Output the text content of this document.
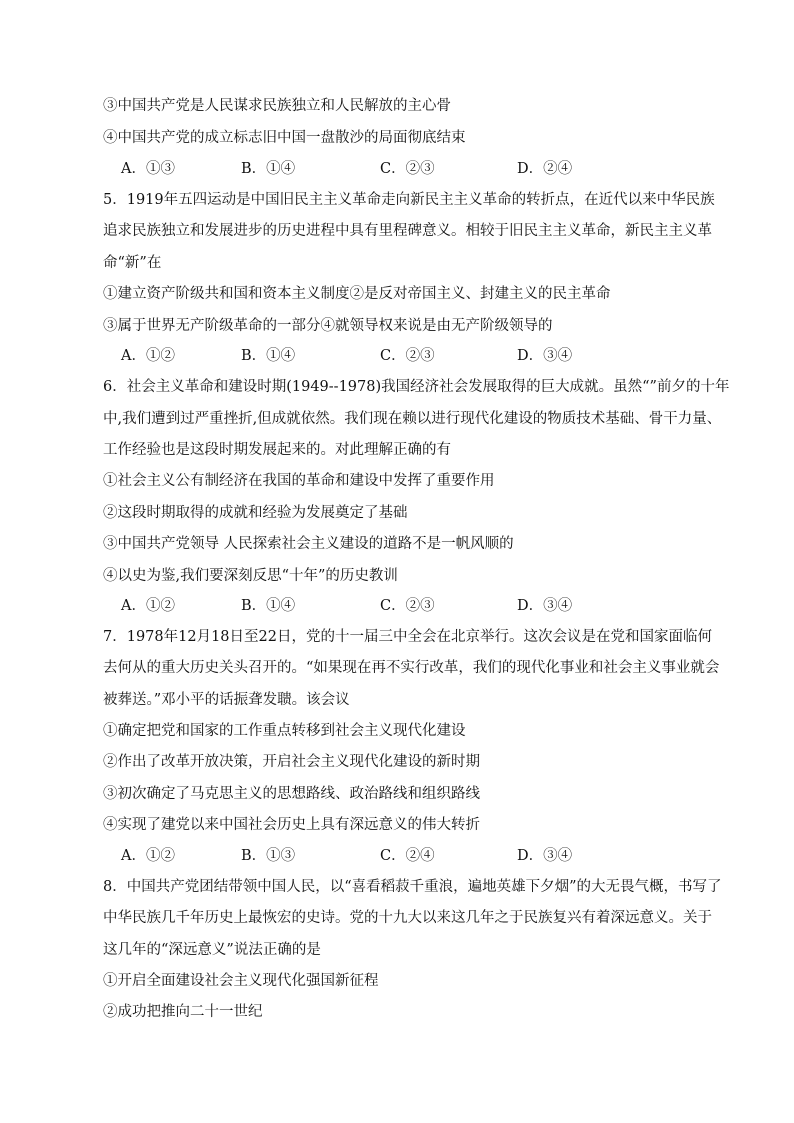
③中国共产党是人民谋求民族独立和人民解放的主心骨
④中国共产党的成立标志旧中国一盘散沙的局面彻底结束
A．①③	B．①④	C．②③	D．②④
5．1919年五四运动是中国旧民主主义革命走向新民主主义革命的转折点，在近代以来中华民族
追求民族独立和发展进步的历史进程中具有里程碑意义。相较于旧民主主义革命，新民主主义革
命“新”在
①建立资产阶级共和国和资本主义制度②是反对帝国主义、封建主义的民主革命
③属于世界无产阶级革命的一部分④就领导权来说是由无产阶级领导的
A．①②	B．①④	C．②③	D．③④
6．社会主义革命和建设时期(1949--1978)我国经济社会发展取得的巨大成就。虽然“”前夕的十年
中,我们遭到过严重挫折,但成就依然。我们现在赖以进行现代化建设的物质技术基础、骨干力量、
工作经验也是这段时期发展起来的。对此理解正确的有
①社会主义公有制经济在我国的革命和建设中发挥了重要作用
②这段时期取得的成就和经验为发展奠定了基础
③中国共产党领导 人民探索社会主义建设的道路不是一帆风顺的
④以史为鉴,我们要深刻反思“十年”的历史教训
A．①②	B．①④	C．②③	D．③④
7．1978年12月18日至22日，党的十一届三中全会在北京举行。这次会议是在党和国家面临何
去何从的重大历史关头召开的。“如果现在再不实行改革，我们的现代化事业和社会主义事业就会
被葬送。”邓小平的话振聋发聩。该会议
①确定把党和国家的工作重点转移到社会主义现代化建设
②作出了改革开放决策，开启社会主义现代化建设的新时期
③初次确定了马克思主义的思想路线、政治路线和组织路线
④实现了建党以来中国社会历史上具有深远意义的伟大转折
A．①②	B．①③	C．②④	D．③④
8．中国共产党团结带领中国人民，以“喜看稻菽千重浪，遍地英雄下夕烟”的大无畏气概，书写了
中华民族几千年历史上最恢宏的史诗。党的十九大以来这几年之于民族复兴有着深远意义。关于
这几年的“深远意义”说法正确的是
①开启全面建设社会主义现代化强国新征程
②成功把推向二十一世纪
